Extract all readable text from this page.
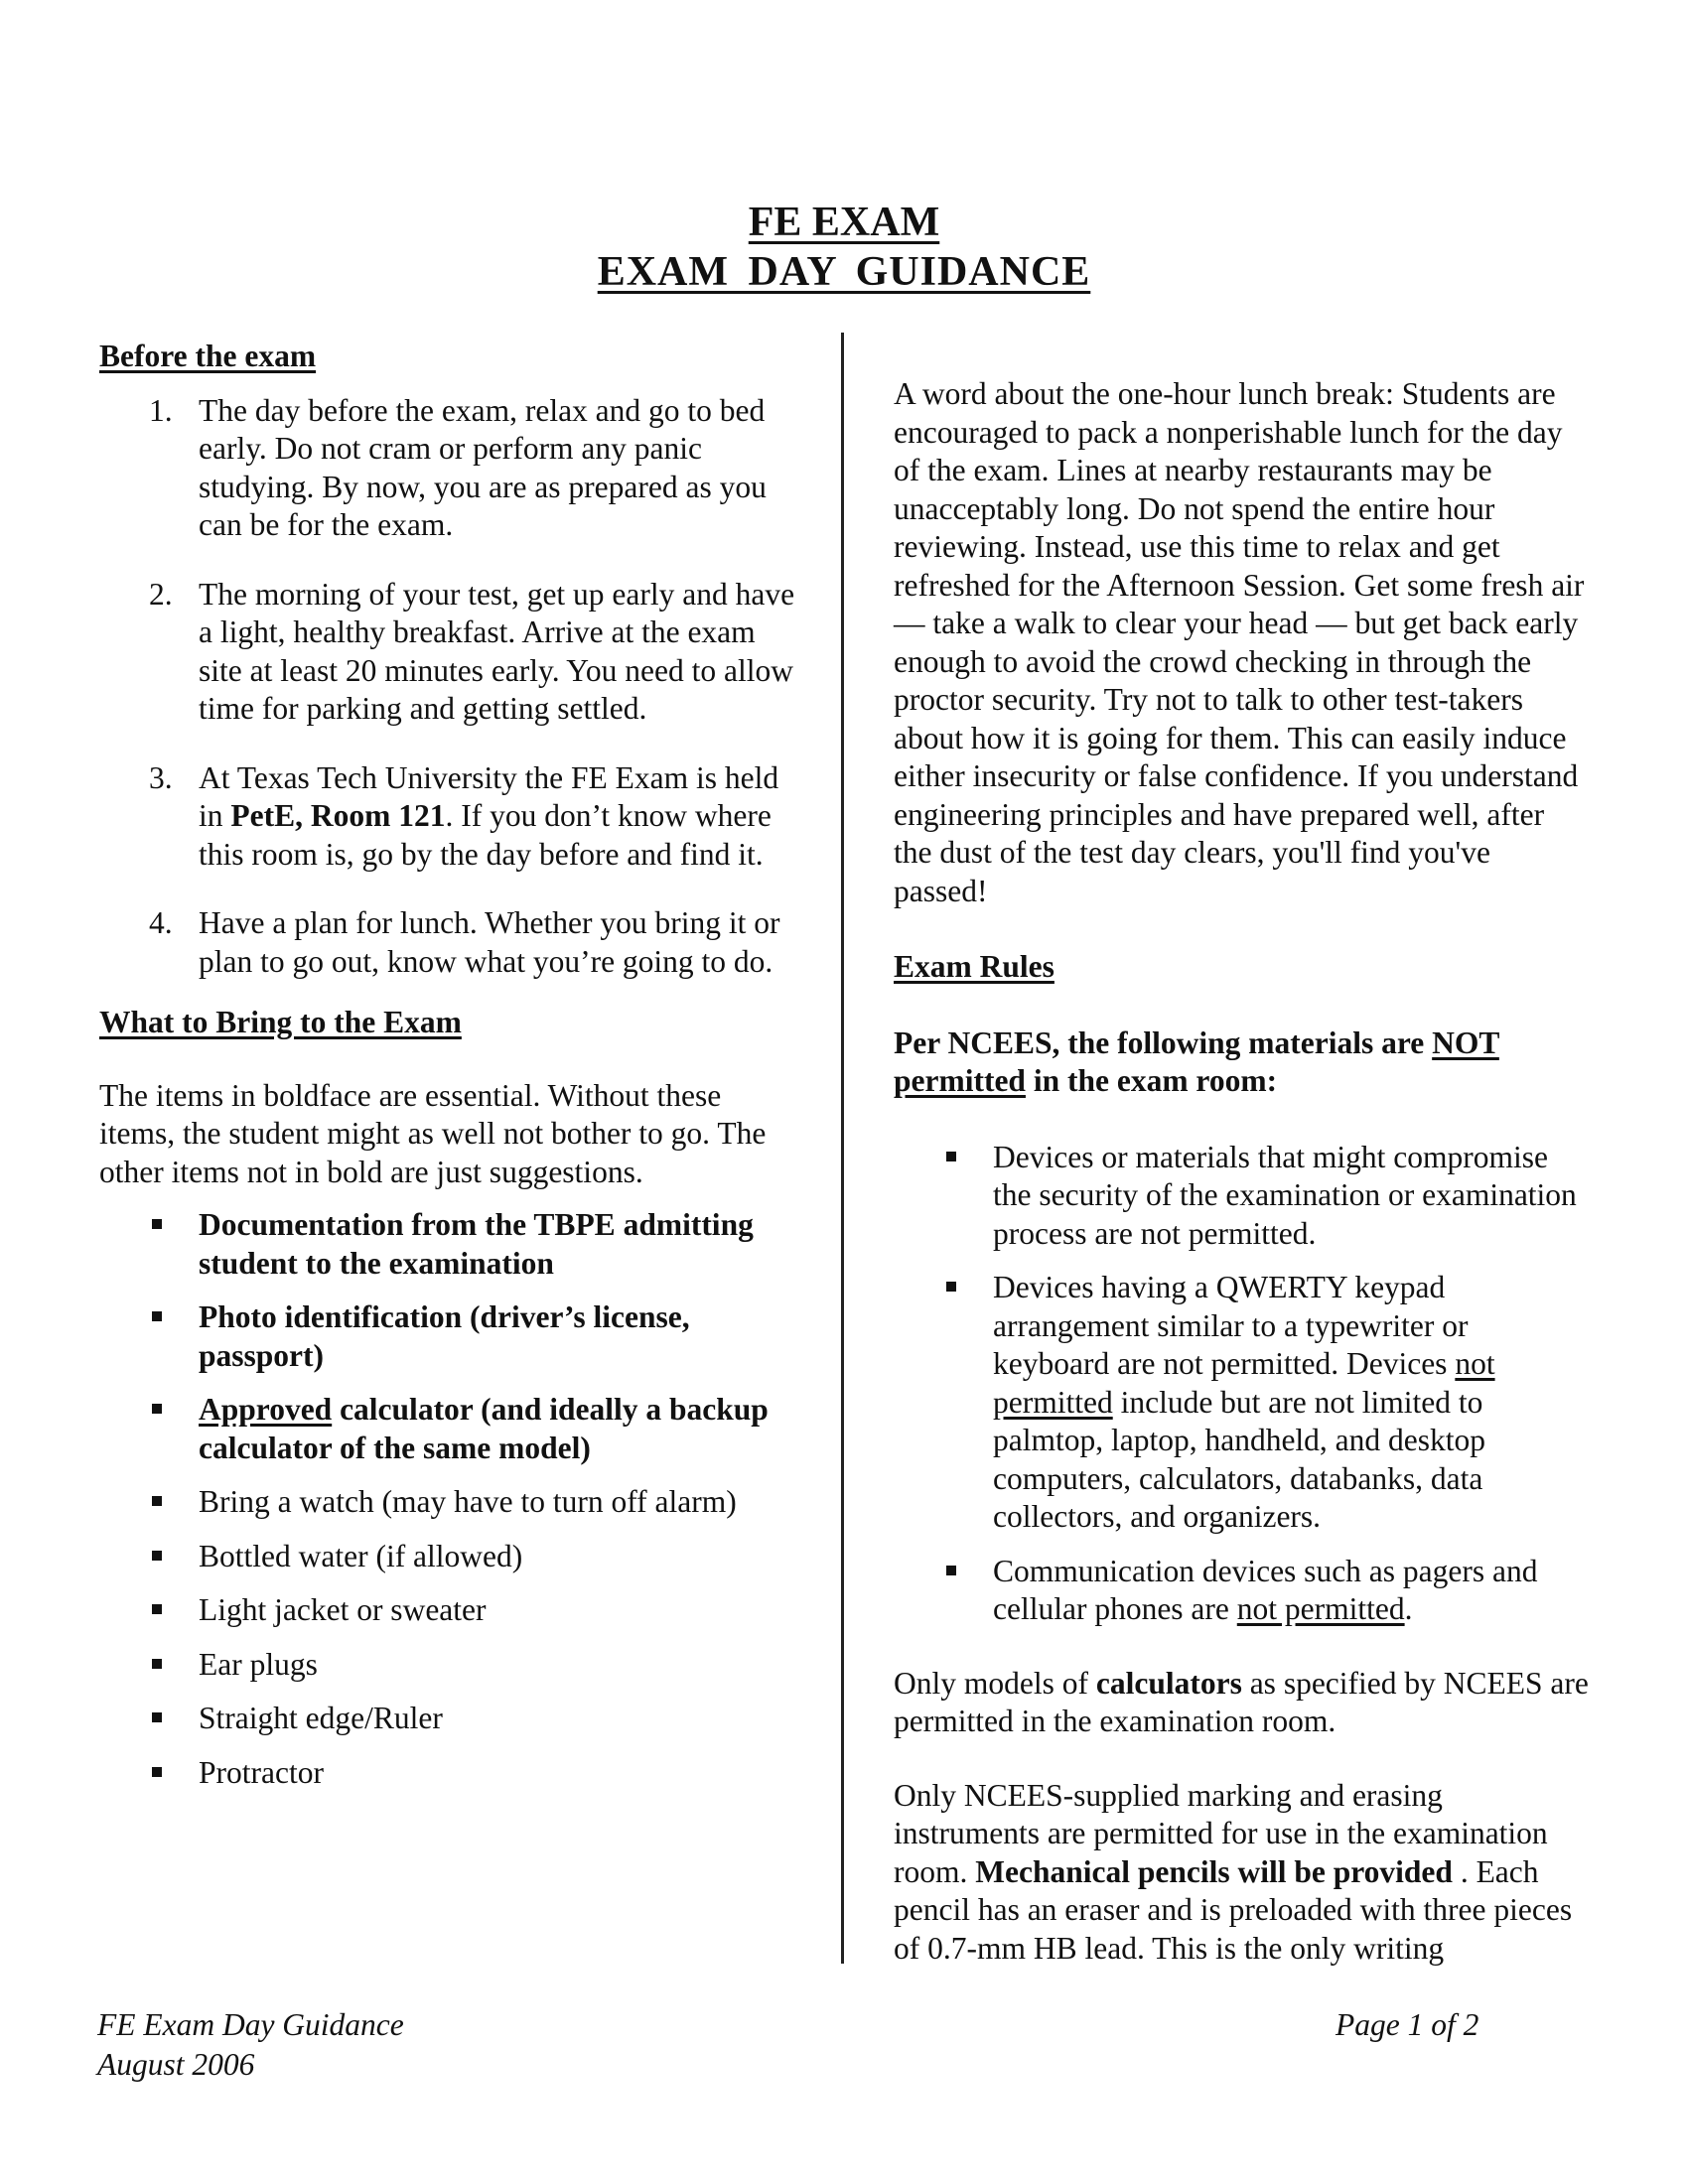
FE EXAM
EXAM DAY GUIDANCE

Before the exam

1. The day before the exam, relax and go to bed early. Do not cram or perform any panic studying. By now, you are as prepared as you can be for the exam.
2. The morning of your test, get up early and have a light, healthy breakfast. Arrive at the exam site at least 20 minutes early. You need to allow time for parking and getting settled.
3. At Texas Tech University the FE Exam is held in PetE, Room 121. If you don’t know where this room is, go by the day before and find it.
4. Have a plan for lunch. Whether you bring it or plan to go out, know what you’re going to do.

What to Bring to the Exam

The items in boldface are essential. Without these items, the student might as well not bother to go. The other items not in bold are just suggestions.

Documentation from the TBPE admitting student to the examination
Photo identification (driver’s license, passport)
Approved calculator (and ideally a backup calculator of the same model)
Bring a watch (may have to turn off alarm)
Bottled water (if allowed)
Light jacket or sweater
Ear plugs
Straight edge/Ruler
Protractor

A word about the one-hour lunch break: Students are encouraged to pack a nonperishable lunch for the day of the exam. Lines at nearby restaurants may be unacceptably long. Do not spend the entire hour reviewing. Instead, use this time to relax and get refreshed for the Afternoon Session. Get some fresh air — take a walk to clear your head — but get back early enough to avoid the crowd checking in through the proctor security. Try not to talk to other test-takers about how it is going for them. This can easily induce either insecurity or false confidence. If you understand engineering principles and have prepared well, after the dust of the test day clears, you'll find you've passed!

Exam Rules

Per NCEES, the following materials are NOT permitted in the exam room:

Devices or materials that might compromise the security of the examination or examination process are not permitted.
Devices having a QWERTY keypad arrangement similar to a typewriter or keyboard are not permitted. Devices not permitted include but are not limited to palmtop, laptop, handheld, and desktop computers, calculators, databanks, data collectors, and organizers.
Communication devices such as pagers and cellular phones are not permitted.

Only models of calculators as specified by NCEES are permitted in the examination room.

Only NCEES-supplied marking and erasing instruments are permitted for use in the examination room. Mechanical pencils will be provided . Each pencil has an eraser and is preloaded with three pieces of 0.7-mm HB lead. This is the only writing

FE Exam Day Guidance
August 2006
Page 1 of 2
